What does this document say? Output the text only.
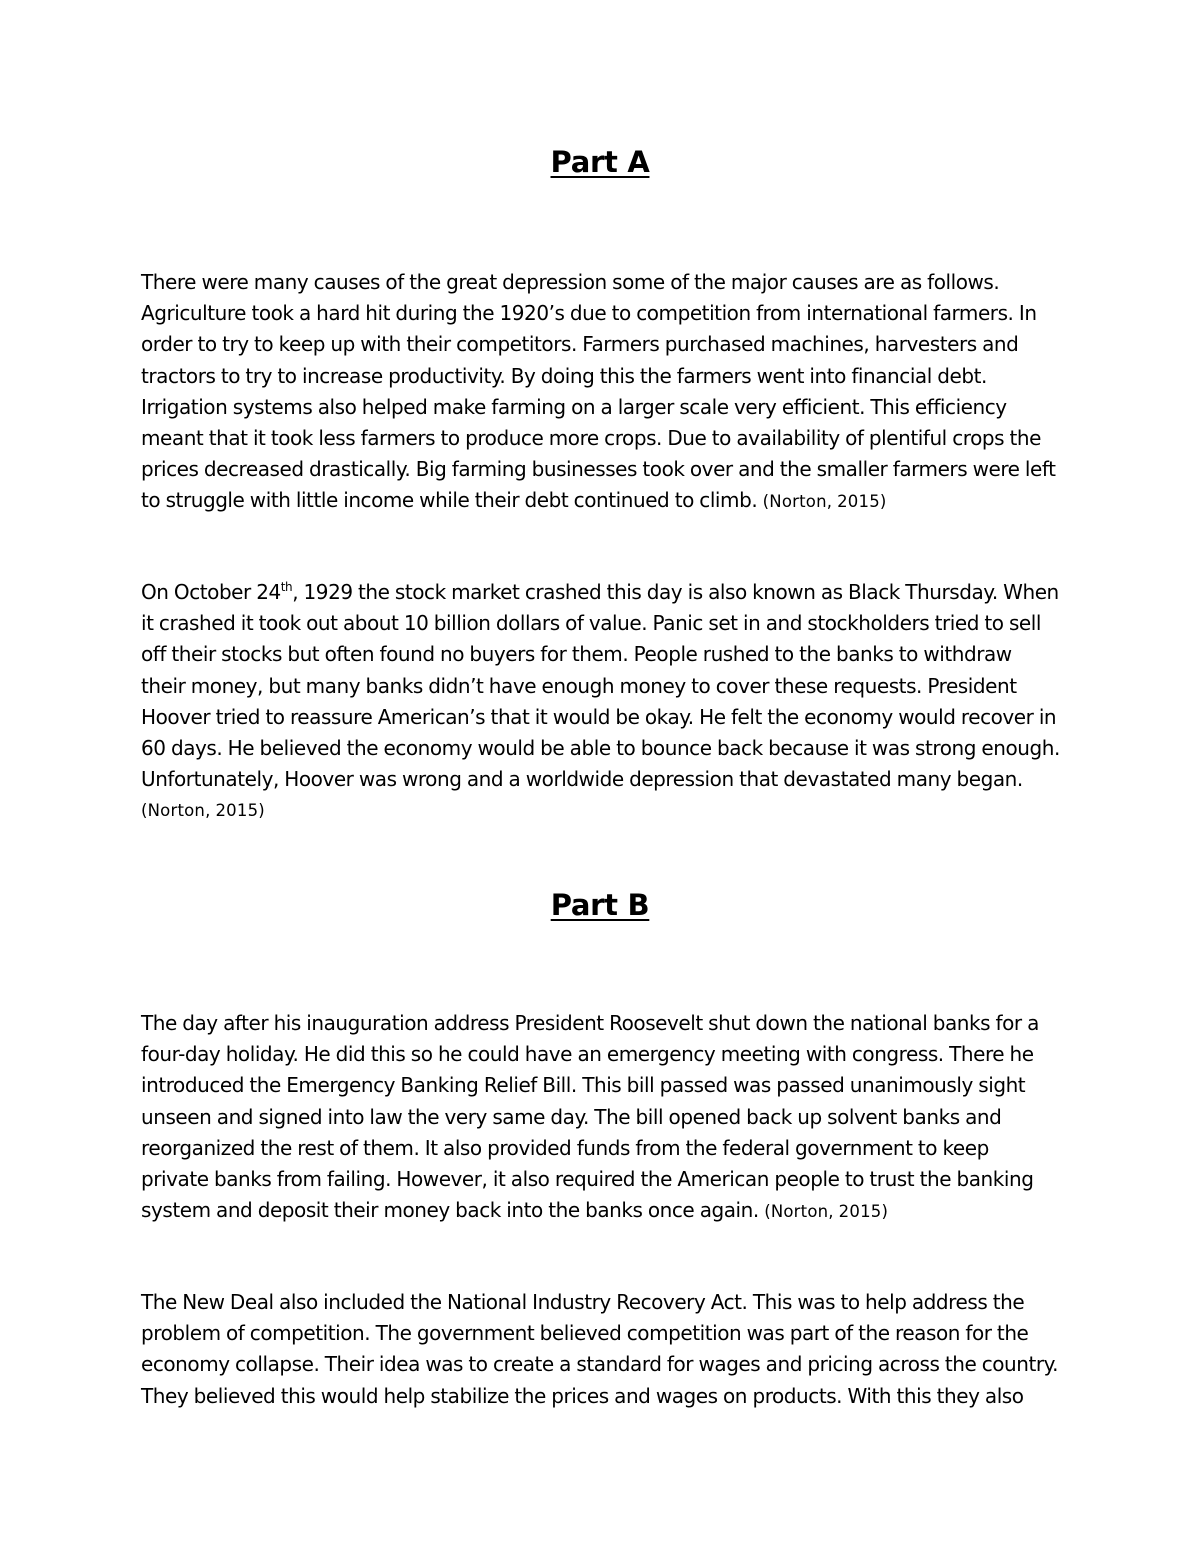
Part A
There were many causes of the great depression some of the major causes are as follows.
Agriculture took a hard hit during the 1920’s due to competition from international farmers. In
order to try to keep up with their competitors. Farmers purchased machines, harvesters and
tractors to try to increase productivity. By doing this the farmers went into financial debt.
Irrigation systems also helped make farming on a larger scale very efficient. This efficiency
meant that it took less farmers to produce more crops. Due to availability of plentiful crops the
prices decreased drastically. Big farming businesses took over and the smaller farmers were left
to struggle with little income while their debt continued to climb. (Norton, 2015)
On October 24th, 1929 the stock market crashed this day is also known as Black Thursday. When
it crashed it took out about 10 billion dollars of value. Panic set in and stockholders tried to sell
off their stocks but often found no buyers for them. People rushed to the banks to withdraw
their money, but many banks didn’t have enough money to cover these requests. President
Hoover tried to reassure American’s that it would be okay. He felt the economy would recover in
60 days. He believed the economy would be able to bounce back because it was strong enough.
Unfortunately, Hoover was wrong and a worldwide depression that devastated many began.
(Norton, 2015)
Part B
The day after his inauguration address President Roosevelt shut down the national banks for a
four-day holiday. He did this so he could have an emergency meeting with congress. There he
introduced the Emergency Banking Relief Bill. This bill passed was passed unanimously sight
unseen and signed into law the very same day. The bill opened back up solvent banks and
reorganized the rest of them. It also provided funds from the federal government to keep
private banks from failing. However, it also required the American people to trust the banking
system and deposit their money back into the banks once again. (Norton, 2015)
The New Deal also included the National Industry Recovery Act. This was to help address the
problem of competition. The government believed competition was part of the reason for the
economy collapse. Their idea was to create a standard for wages and pricing across the country.
They believed this would help stabilize the prices and wages on products. With this they also
